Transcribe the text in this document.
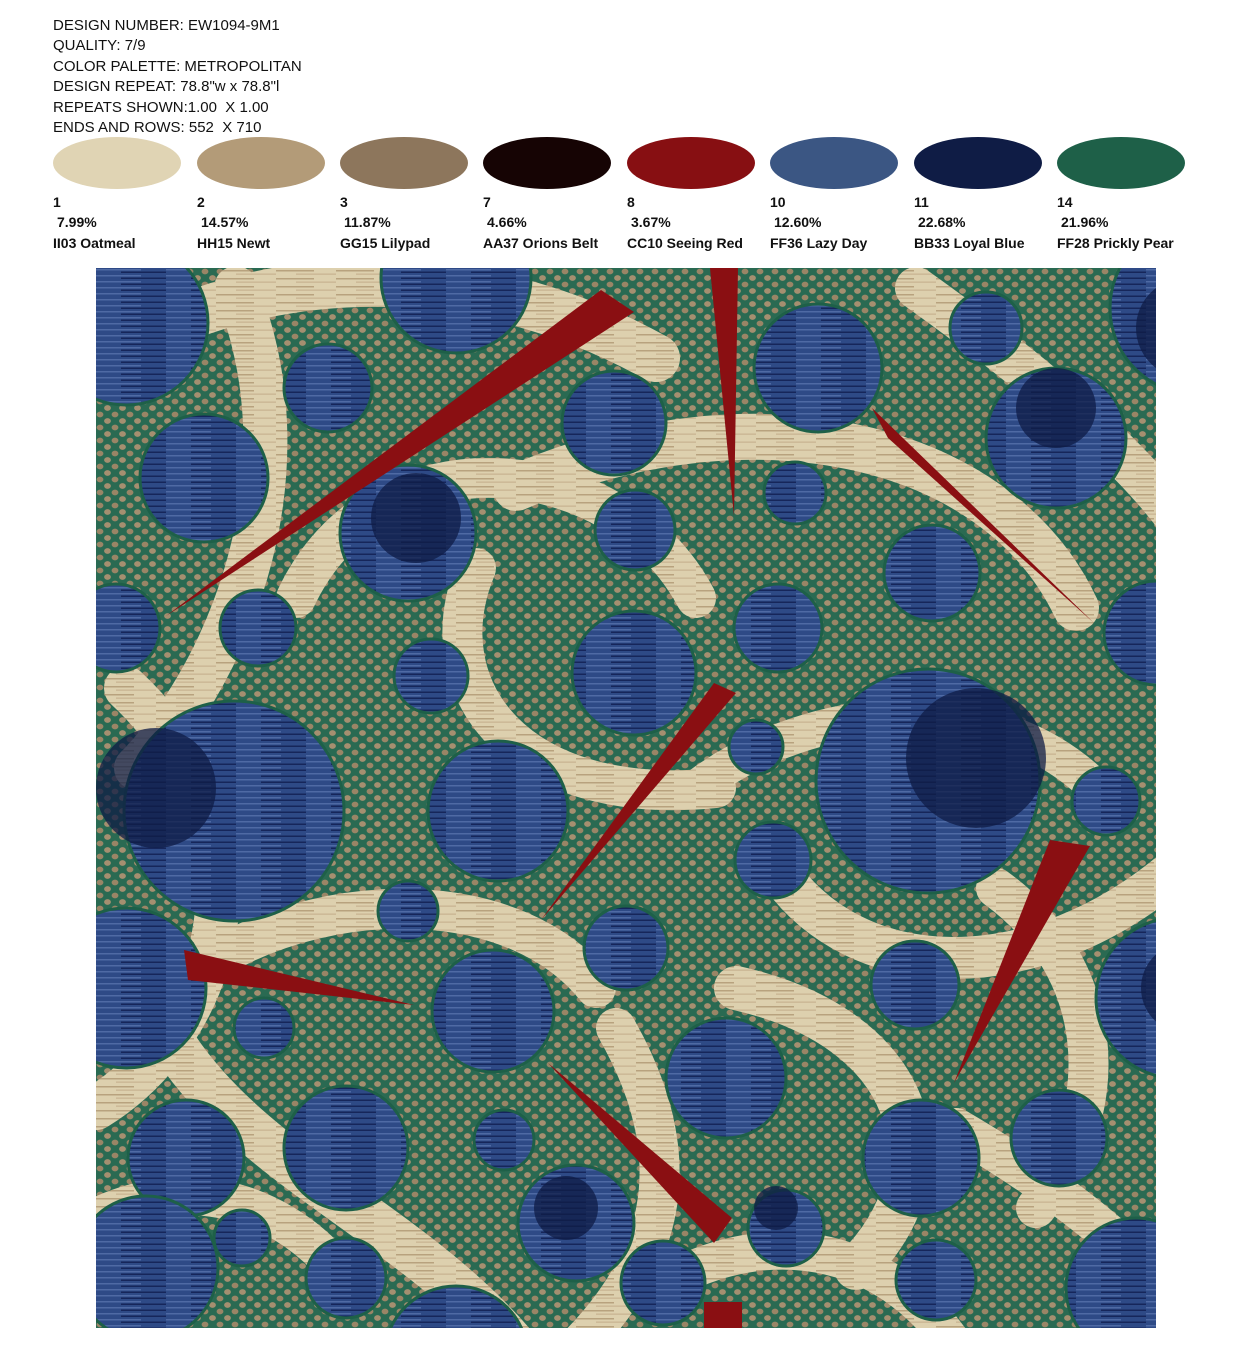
DESIGN NUMBER: EW1094-9M1
QUALITY: 7/9
COLOR PALETTE: METROPOLITAN
DESIGN REPEAT: 78.8"w x 78.8"l
REPEATS SHOWN:1.00  X 1.00
ENDS AND ROWS: 552  X 710
1
7.99%
II03 Oatmeal
2
14.57%
HH15 Newt
3
11.87%
GG15 Lilypad
7
4.66%
AA37 Orions Belt
8
3.67%
CC10 Seeing Red
10
12.60%
FF36 Lazy Day
11
22.68%
BB33 Loyal Blue
14
21.96%
FF28 Prickly Pear
